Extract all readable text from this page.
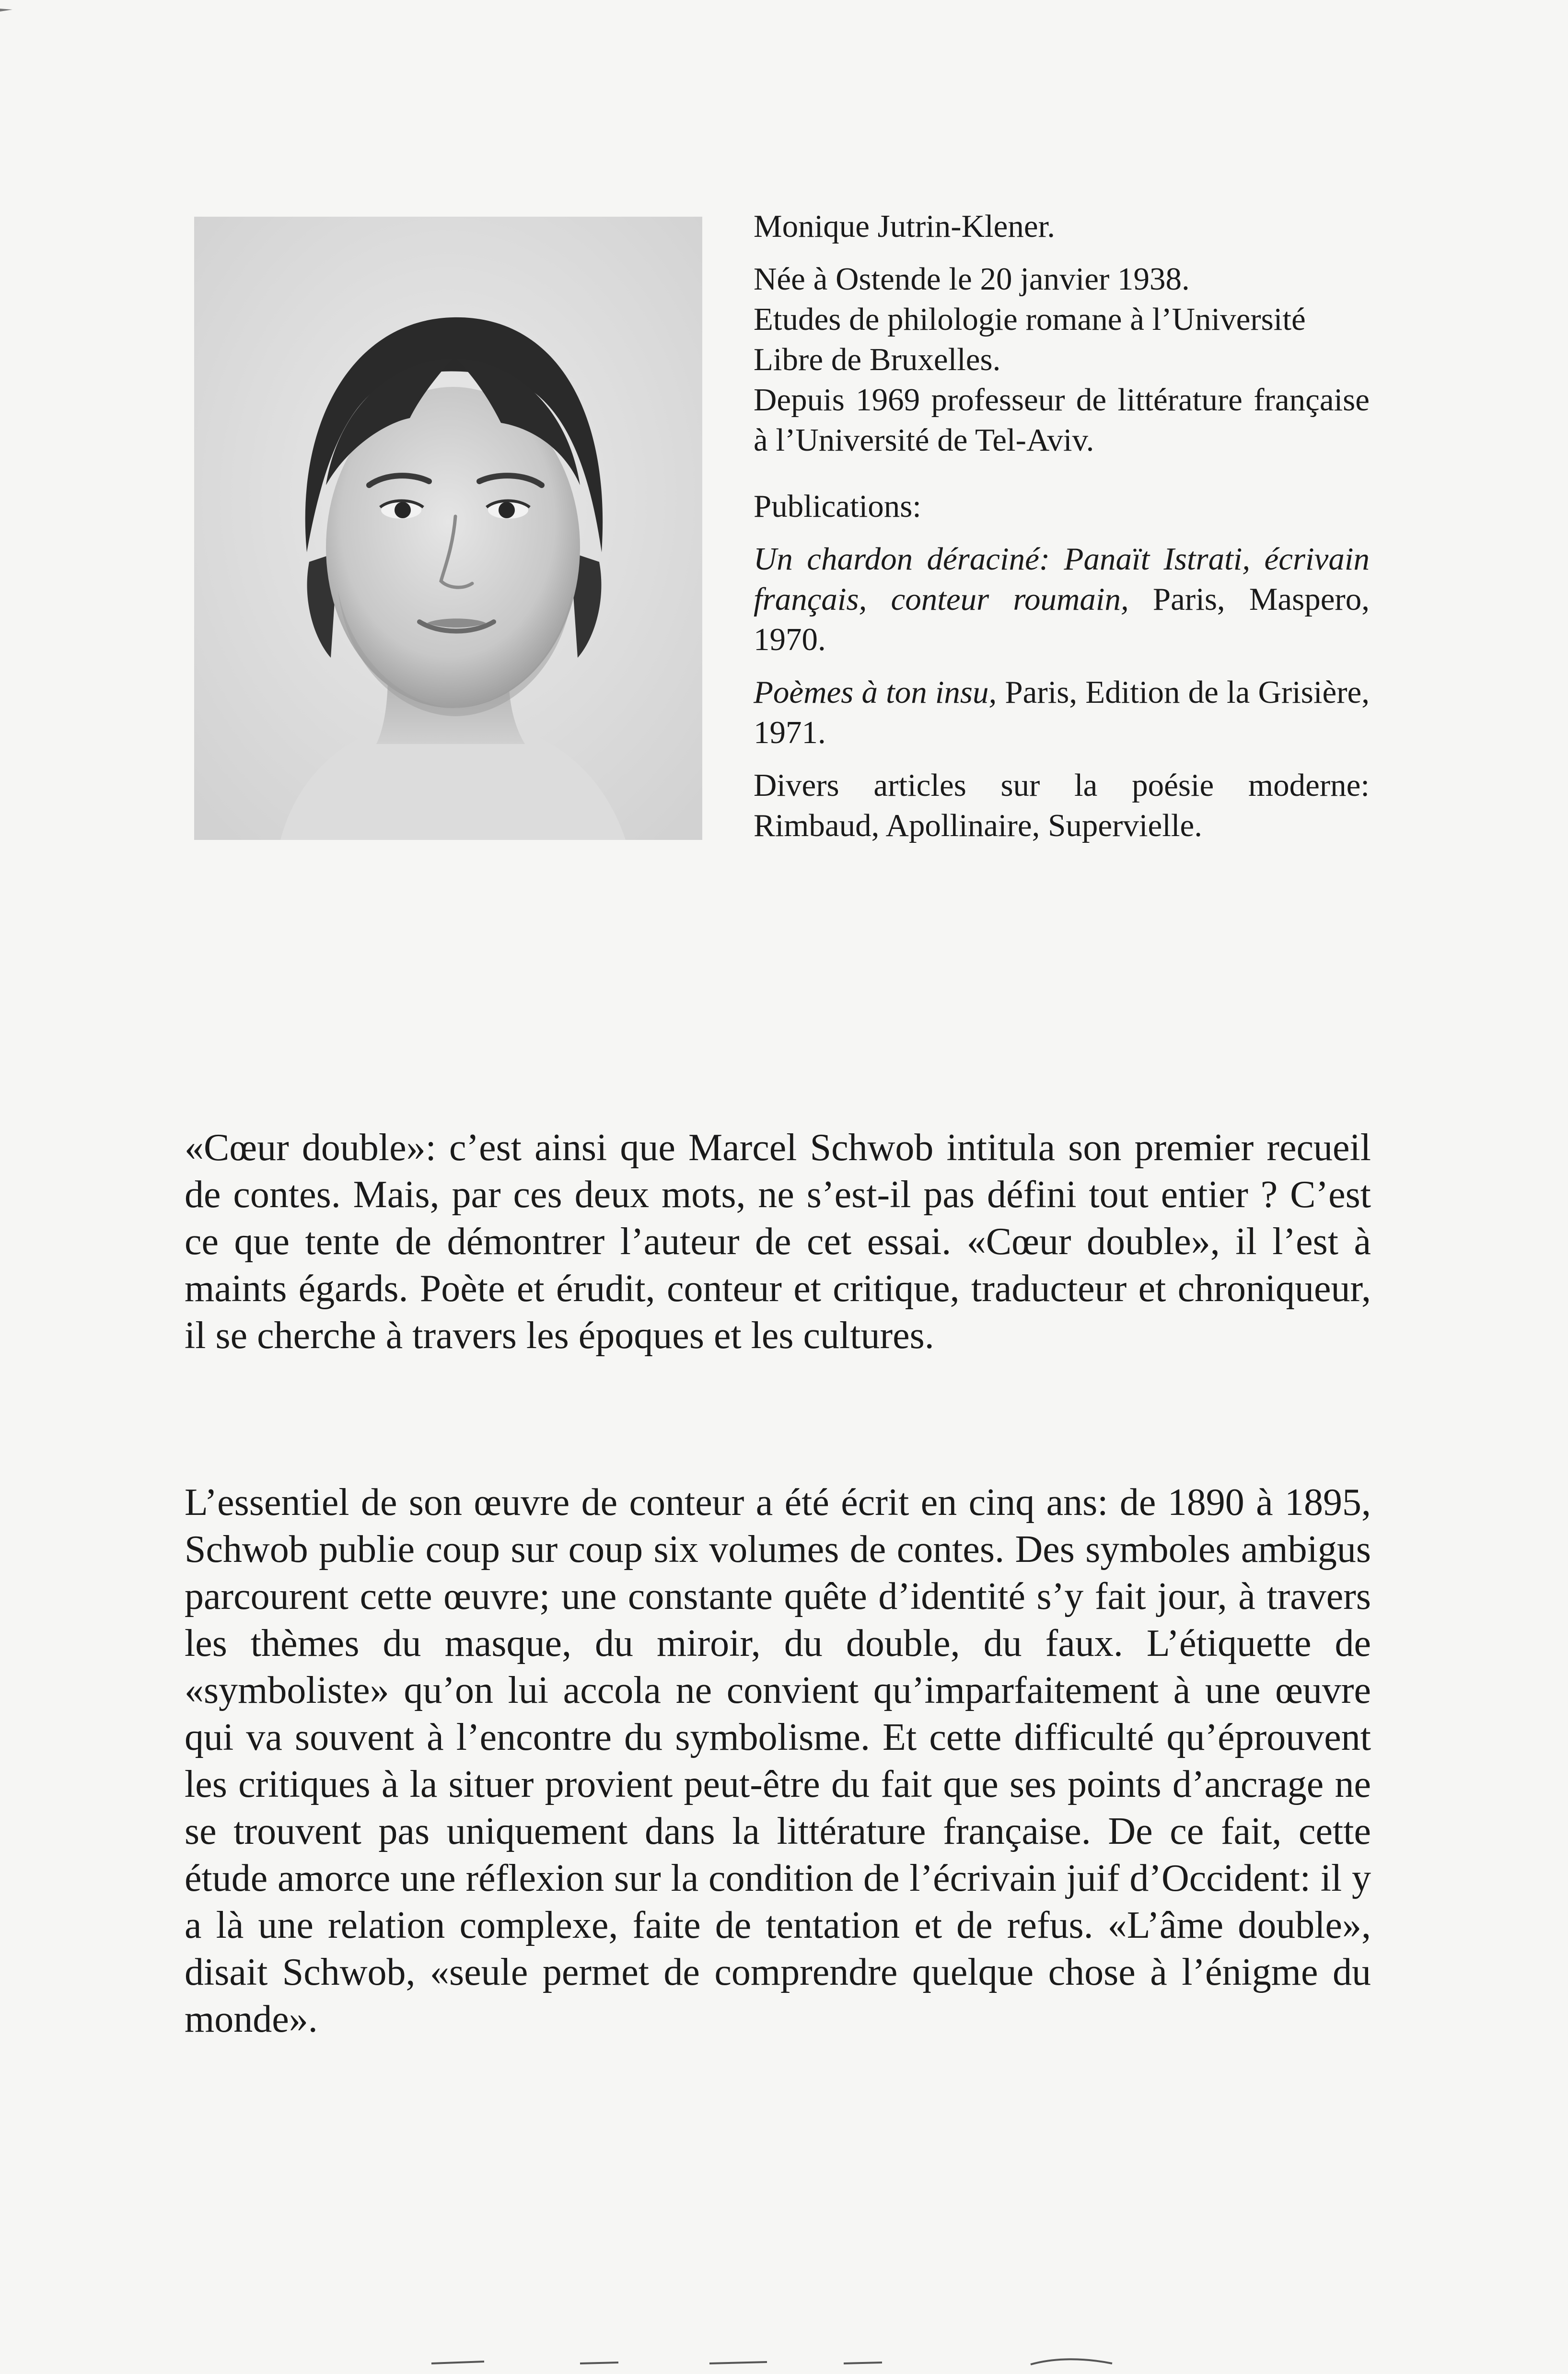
Monique Jutrin-Klener.

Née à Ostende le 20 janvier 1938.

Etudes de philologie romane à l’Université Libre de Bruxelles.

Depuis 1969 professeur de littérature française à l’Université de Tel-Aviv.

Publications:

Un chardon déraciné: Panaït Istrati, écrivain français, conteur roumain, Paris, Maspero, 1970.

Poèmes à ton insu, Paris, Edition de la Grisière, 1971.

Divers articles sur la poésie moderne: Rimbaud, Apollinaire, Supervielle.

«Cœur double»: c’est ainsi que Marcel Schwob intitula son premier recueil de contes. Mais, par ces deux mots, ne s’est-il pas défini tout entier ? C’est ce que tente de démontrer l’auteur de cet essai. «Cœur double», il l’est à maints égards. Poète et érudit, conteur et critique, traducteur et chroniqueur, il se cherche à travers les époques et les cultures.

L’essentiel de son œuvre de conteur a été écrit en cinq ans: de 1890 à 1895, Schwob publie coup sur coup six volumes de contes. Des symboles ambigus parcourent cette œuvre; une constante quête d’identité s’y fait jour, à travers les thèmes du masque, du miroir, du double, du faux. L’étiquette de «symboliste» qu’on lui accola ne convient qu’imparfaitement à une œuvre qui va souvent à l’encontre du symbolisme. Et cette difficulté qu’éprouvent les critiques à la situer provient peut-être du fait que ses points d’ancrage ne se trouvent pas uniquement dans la littérature française. De ce fait, cette étude amorce une réflexion sur la condition de l’écrivain juif d’Occident: il y a là une relation complexe, faite de tentation et de refus. «L’âme double», disait Schwob, «seule permet de comprendre quelque chose à l’énigme du monde».
